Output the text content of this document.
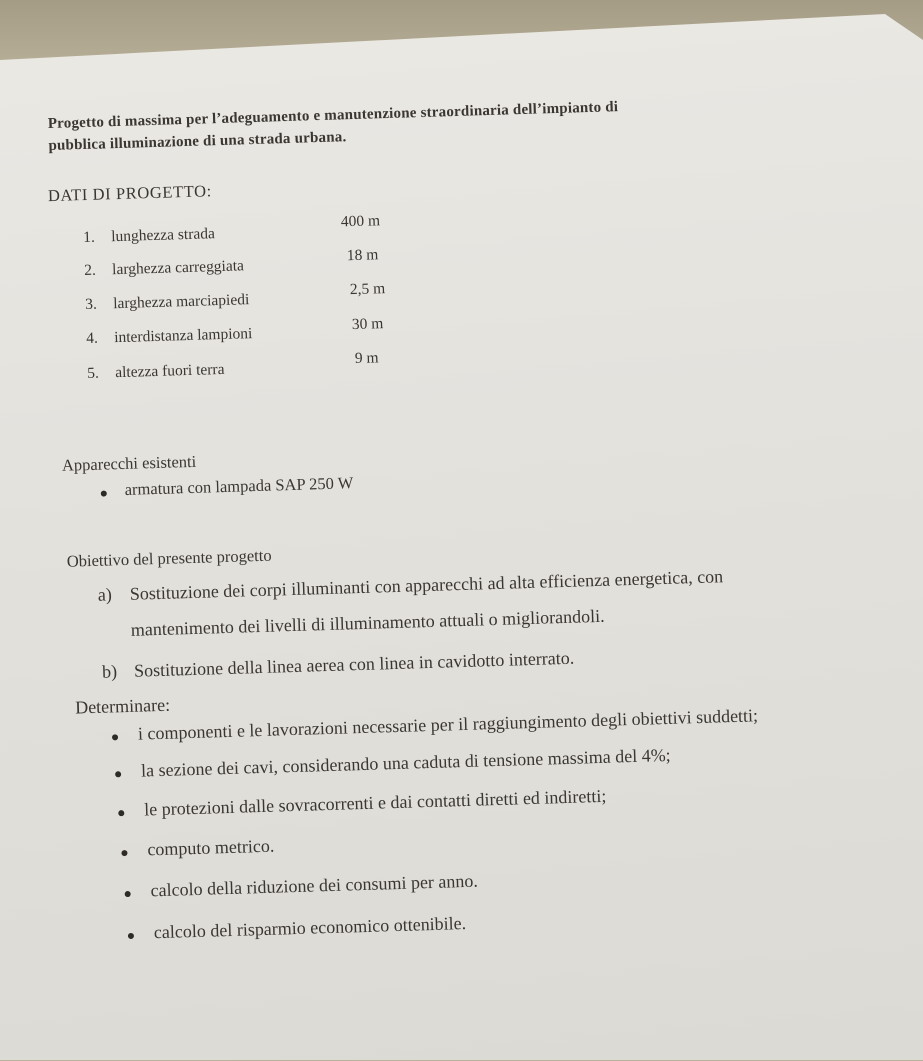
Progetto di massima per l’adeguamento e manutenzione straordinaria dell’impianto di
pubblica illuminazione di una strada urbana.
DATI DI PROGETTO:
1. lunghezza strada
400 m
2. larghezza carreggiata
18 m
3. larghezza marciapiedi
2,5 m
4. interdistanza lampioni
30 m
5. altezza fuori terra
9 m
Apparecchi esistenti
armatura con lampada SAP 250 W
Obiettivo del presente progetto
a) Sostituzione dei corpi illuminanti con apparecchi ad alta efficienza energetica, con
mantenimento dei livelli di illuminamento attuali o migliorandoli.
b) Sostituzione della linea aerea con linea in cavidotto interrato.
Determinare:
i componenti e le lavorazioni necessarie per il raggiungimento degli obiettivi suddetti;
la sezione dei cavi, considerando una caduta di tensione massima del 4%;
le protezioni dalle sovracorrenti e dai contatti diretti ed indiretti;
computo metrico.
calcolo della riduzione dei consumi per anno.
calcolo del risparmio economico ottenibile.
